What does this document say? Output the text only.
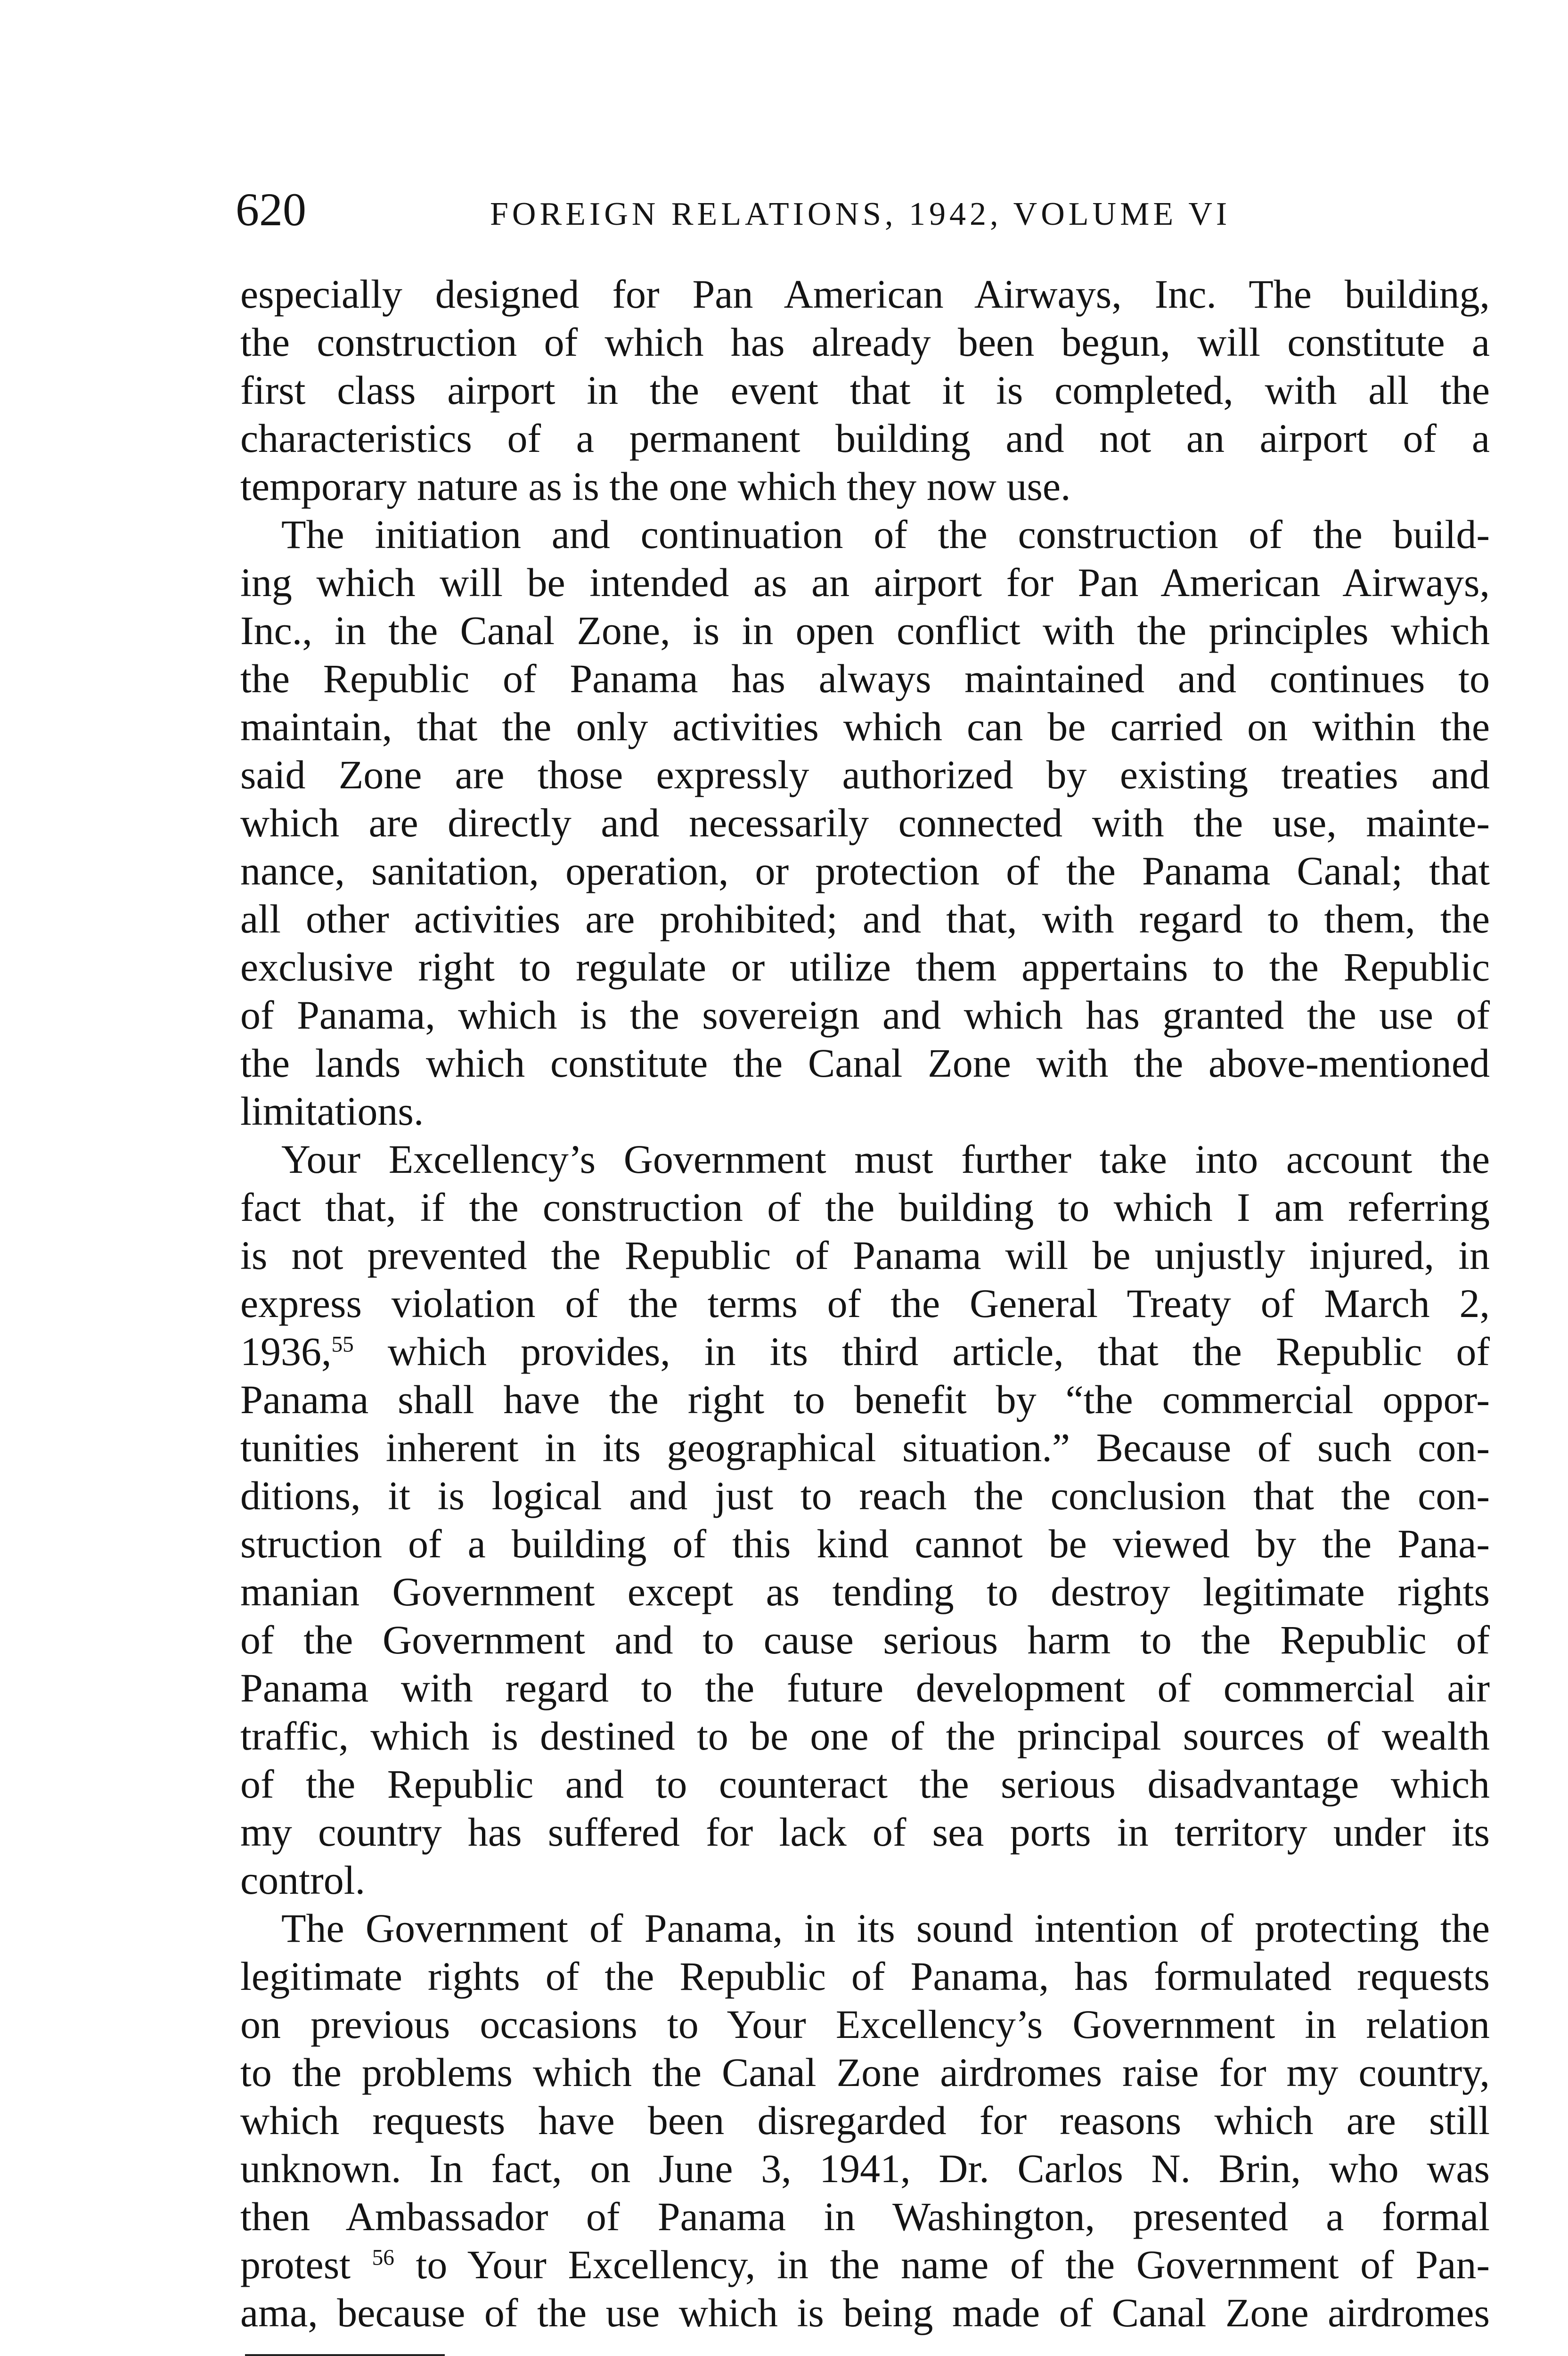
620	FOREIGN RELATIONS, 1942, VOLUME VI
especially designed for Pan American Airways, Inc. The building,
the construction of which has already been begun, will constitute a
first class airport in the event that it is completed, with all the
characteristics of a permanent building and not an airport of a
temporary nature as is the one which they now use.
The initiation and continuation of the construction of the build-
ing which will be intended as an airport for Pan American Airways,
Inc., in the Canal Zone, is in open conflict with the principles which
the Republic of Panama has always maintained and continues to
maintain, that the only activities which can be carried on within the
said Zone are those expressly authorized by existing treaties and
which are directly and necessarily connected with the use, mainte-
nance, sanitation, operation, or protection of the Panama Canal; that
all other activities are prohibited; and that, with regard to them, the
exclusive right to regulate or utilize them appertains to the Republic
of Panama, which is the sovereign and which has granted the use of
the lands which constitute the Canal Zone with the above-mentioned
limitations.
Your Excellency’s Government must further take into account the
fact that, if the construction of the building to which I am referring
is not prevented the Republic of Panama will be unjustly injured, in
express violation of the terms of the General Treaty of March 2,
1936,55 which provides, in its third article, that the Republic of
Panama shall have the right to benefit by “the commercial oppor-
tunities inherent in its geographical situation.” Because of such con-
ditions, it is logical and just to reach the conclusion that the con-
struction of a building of this kind cannot be viewed by the Pana-
manian Government except as tending to destroy legitimate rights
of the Government and to cause serious harm to the Republic of
Panama with regard to the future development of commercial air
traffic, which is destined to be one of the principal sources of wealth
of the Republic and to counteract the serious disadvantage which
my country has suffered for lack of sea ports in territory under its
control.
The Government of Panama, in its sound intention of protecting the
legitimate rights of the Republic of Panama, has formulated requests
on previous occasions to Your Excellency’s Government in relation
to the problems which the Canal Zone airdromes raise for my country,
which requests have been disregarded for reasons which are still
unknown. In fact, on June 3, 1941, Dr. Carlos N. Brin, who was
then Ambassador of Panama in Washington, presented a formal
protest $^{56}$ to Your Excellency, in the name of the Government of Pan-
ama, because of the use which is being made of Canal Zone airdromes
